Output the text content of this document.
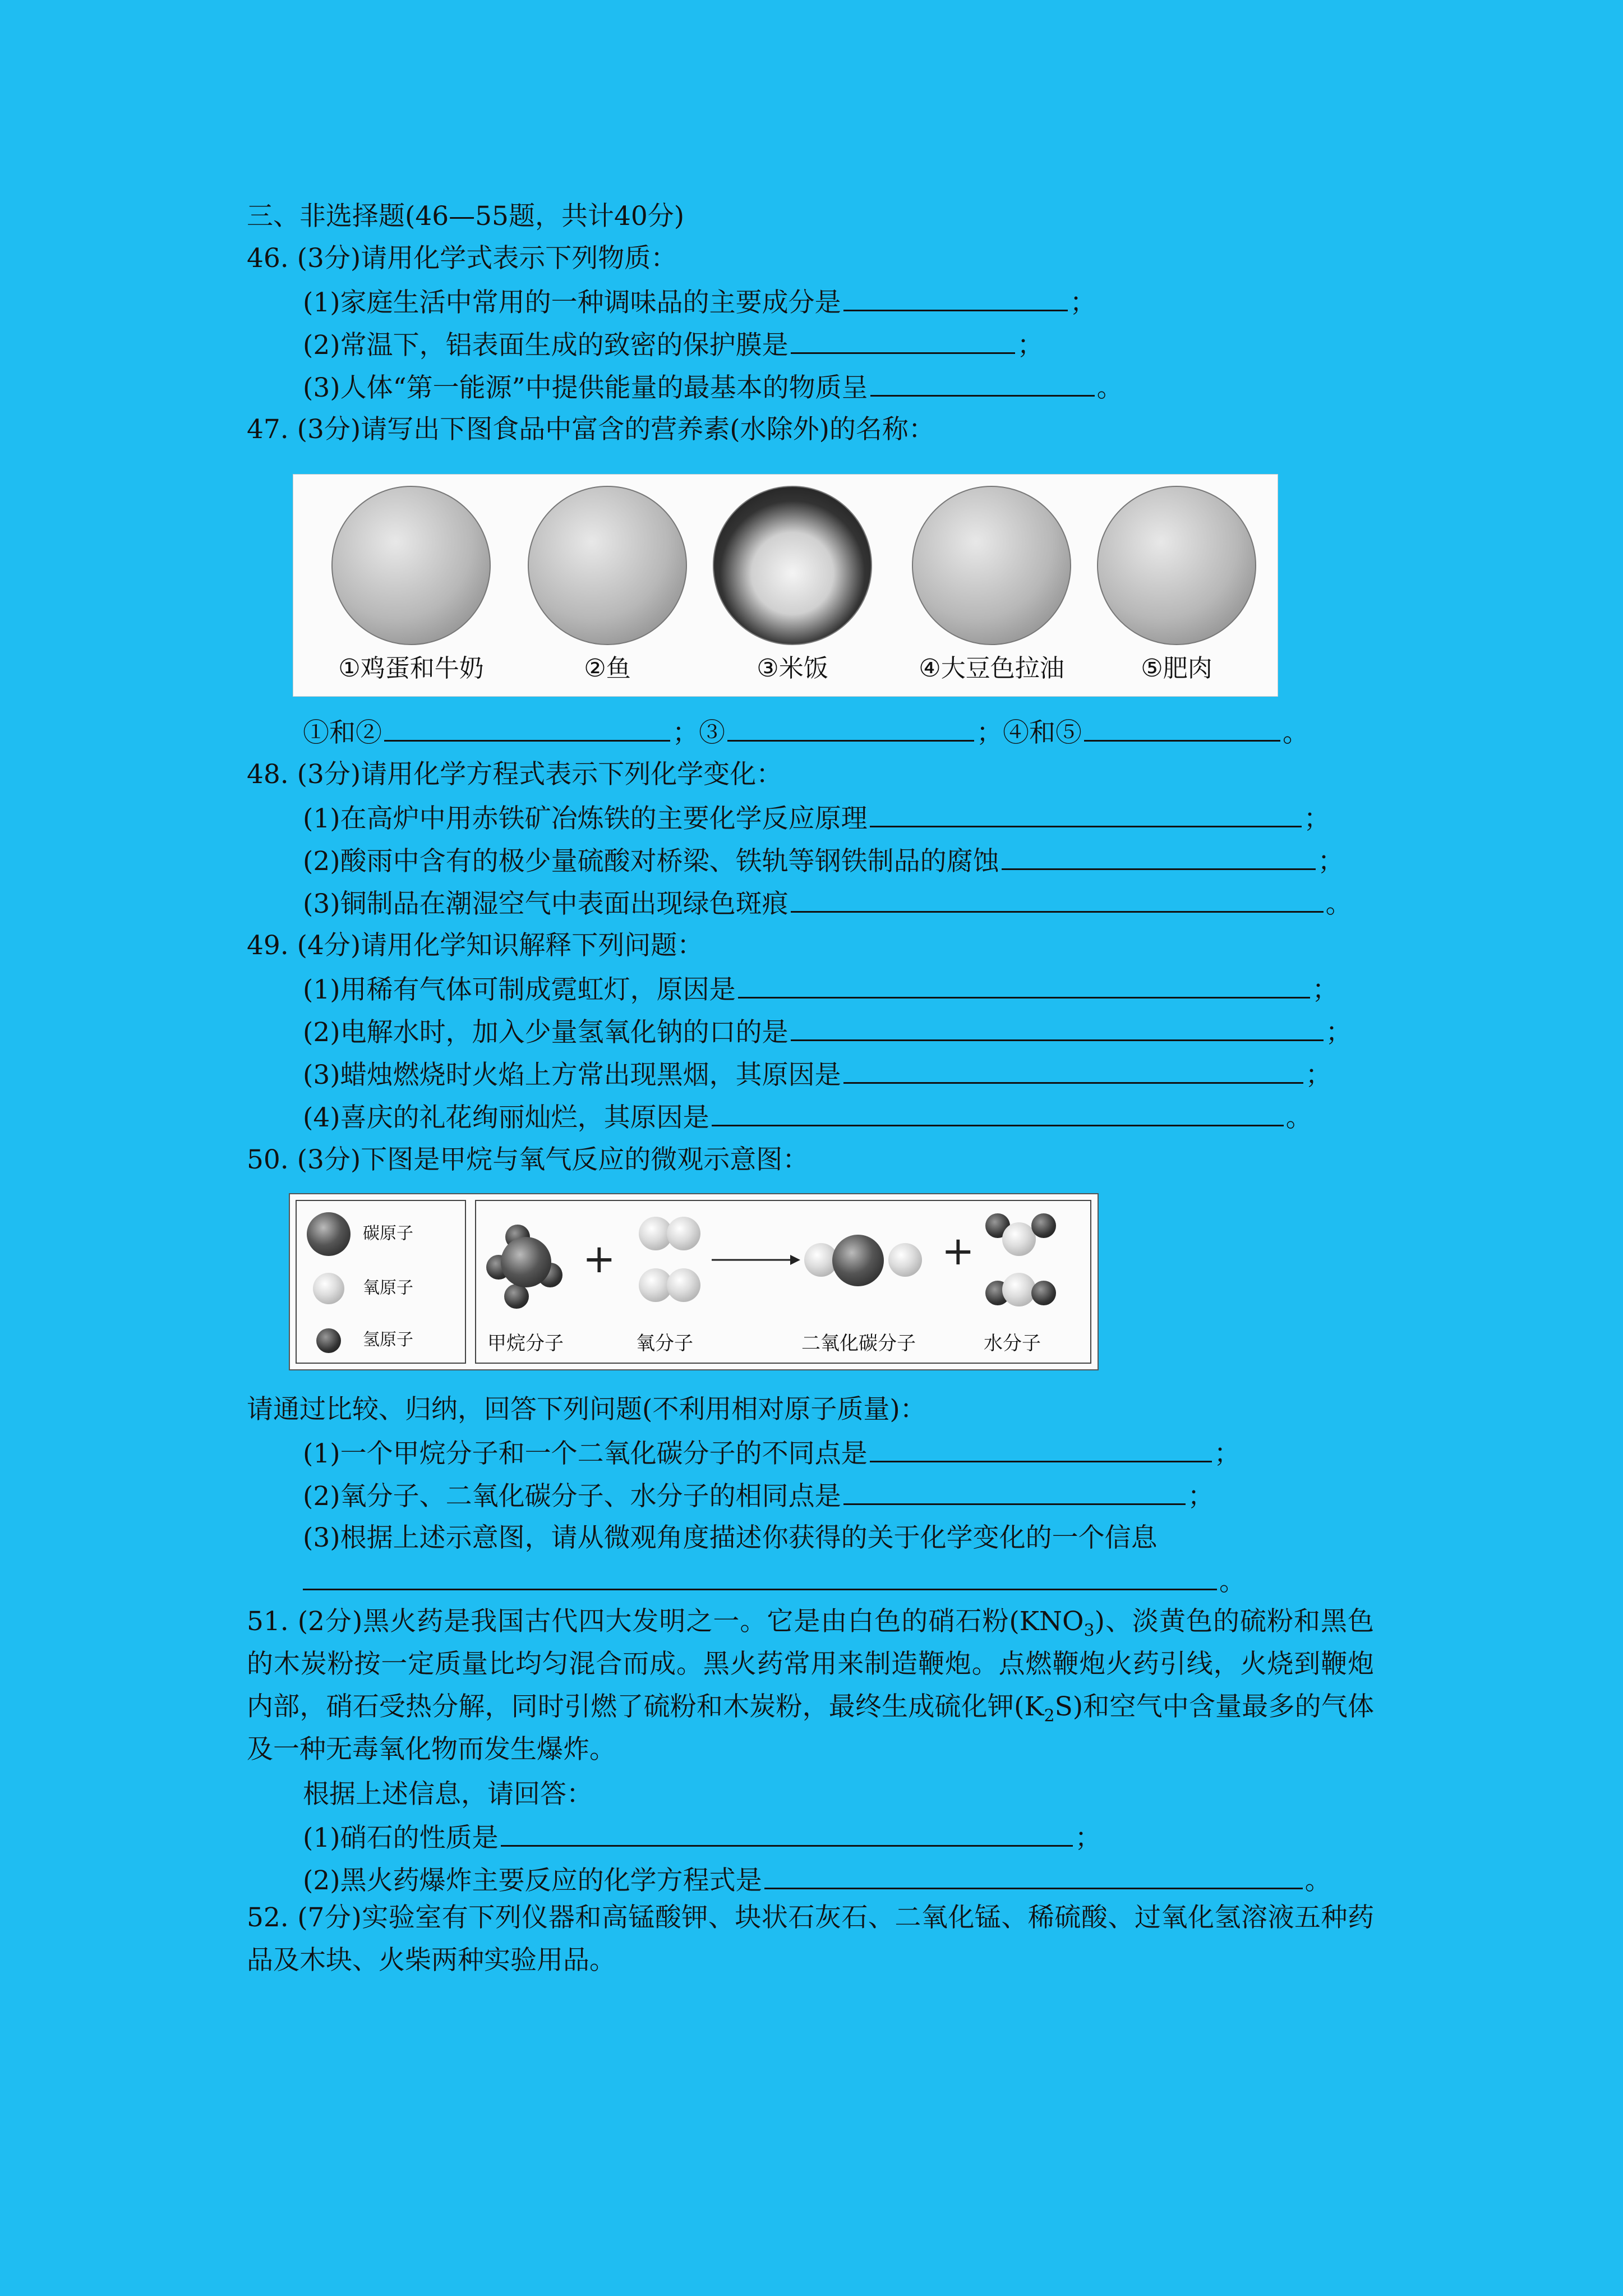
三、非选择题(46—55题，共计40分)
46. (3分)请用化学式表示下列物质：
(1)家庭生活中常用的一种调味品的主要成分是	；
(2)常温下，铝表面生成的致密的保护膜是	；
(3)人体“第一能源”中提供能量的最基本的物质呈	。
47. (3分)请写出下图食品中富含的营养素(水除外)的名称：
①鸡蛋和牛奶	②鱼	③米饭	④大豆色拉油	⑤肥肉
①和②	；③	；④和⑤	。
48. (3分)请用化学方程式表示下列化学变化：
(1)在高炉中用赤铁矿冶炼铁的主要化学反应原理	；
(2)酸雨中含有的极少量硫酸对桥梁、铁轨等钢铁制品的腐蚀	；
(3)铜制品在潮湿空气中表面出现绿色斑痕	。
49. (4分)请用化学知识解释下列问题：
(1)用稀有气体可制成霓虹灯，原因是	；
(2)电解水时，加入少量氢氧化钠的口的是	；
(3)蜡烛燃烧时火焰上方常出现黑烟，其原因是	；
(4)喜庆的礼花绚丽灿烂，其原因是	。
50. (3分)下图是甲烷与氧气反应的微观示意图：
碳原子
氧原子
氢原子
+	+
甲烷分子	氧分子	二氧化碳分子	水分子
请通过比较、归纳，回答下列问题(不利用相对原子质量)：
(1)一个甲烷分子和一个二氧化碳分子的不同点是	；
(2)氧分子、二氧化碳分子、水分子的相同点是	；
(3)根据上述示意图，请从微观角度描述你获得的关于化学变化的一个信息
。
51. (2分)黑火药是我国古代四大发明之一。它是由白色的硝石粉$(KNO_3)$、淡黄色的硫粉和黑色的木炭粉按一定质量比均匀混合而成。黑火药常用来制造鞭炮。点燃鞭炮火药引线，火烧到鞭炮内部，硝石受热分解，同时引燃了硫粉和木炭粉，最终生成硫化钾$(K_2S)$和空气中含量最多的气体及一种无毒氧化物而发生爆炸。
根据上述信息，请回答：
(1)硝石的性质是	；
(2)黑火药爆炸主要反应的化学方程式是	。
52. (7分)实验室有下列仪器和高锰酸钾、块状石灰石、二氧化锰、稀硫酸、过氧化氢溶液五种药品及木块、火柴两种实验用品。
